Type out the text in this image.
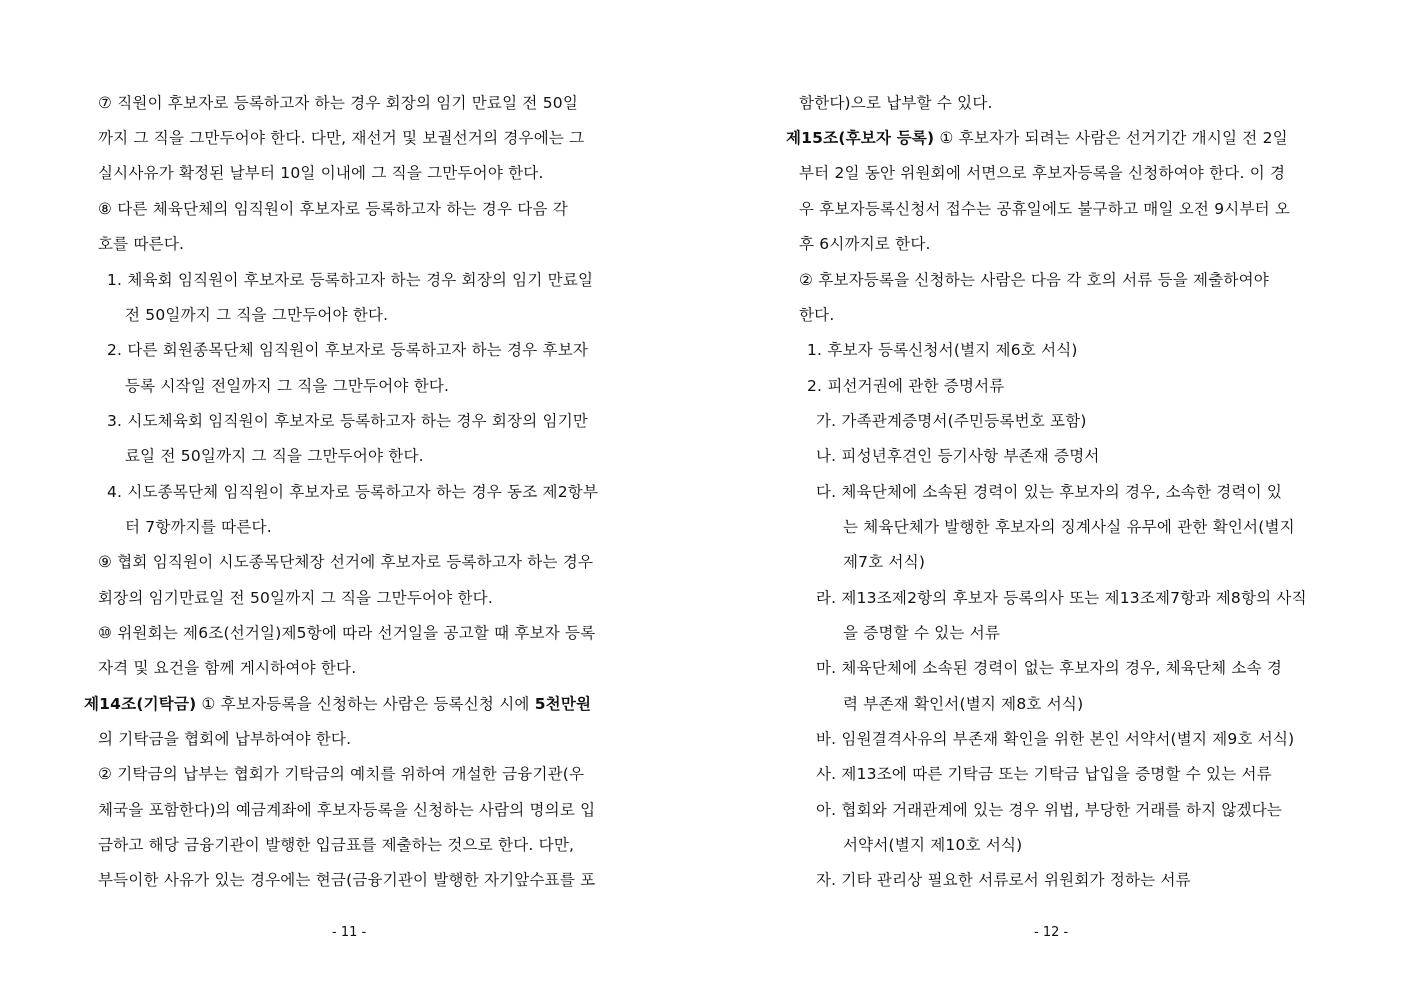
⑦ 직원이 후보자로 등록하고자 하는 경우 회장의 임기 만료일 전 50일
까지 그 직을 그만두어야 한다. 다만, 재선거 및 보궐선거의 경우에는 그
실시사유가 확정된 날부터 10일 이내에 그 직을 그만두어야 한다.
⑧ 다른 체육단체의 임직원이 후보자로 등록하고자 하는 경우 다음 각
호를 따른다.
1. 체육회 임직원이 후보자로 등록하고자 하는 경우 회장의 임기 만료일
전 50일까지 그 직을 그만두어야 한다.
2. 다른 회원종목단체 임직원이 후보자로 등록하고자 하는 경우 후보자
등록 시작일 전일까지 그 직을 그만두어야 한다.
3. 시도체육회 임직원이 후보자로 등록하고자 하는 경우 회장의 임기만
료일 전 50일까지 그 직을 그만두어야 한다.
4. 시도종목단체 임직원이 후보자로 등록하고자 하는 경우 동조 제2항부
터 7항까지를 따른다.
⑨ 협회 임직원이 시도종목단체장 선거에 후보자로 등록하고자 하는 경우
회장의 임기만료일 전 50일까지 그 직을 그만두어야 한다.
⑩ 위원회는 제6조(선거일)제5항에 따라 선거일을 공고할 때 후보자 등록
자격 및 요건을 함께 게시하여야 한다.
제14조(기탁금) ① 후보자등록을 신청하는 사람은 등록신청 시에 5천만원
의 기탁금을 협회에 납부하여야 한다.
② 기탁금의 납부는 협회가 기탁금의 예치를 위하여 개설한 금융기관(우
체국을 포함한다)의 예금계좌에 후보자등록을 신청하는 사람의 명의로 입
금하고 해당 금융기관이 발행한 입금표를 제출하는 것으로 한다. 다만,
부득이한 사유가 있는 경우에는 현금(금융기관이 발행한 자기앞수표를 포
- 11 -
함한다)으로 납부할 수 있다.
제15조(후보자 등록) ① 후보자가 되려는 사람은 선거기간 개시일 전 2일
부터 2일 동안 위원회에 서면으로 후보자등록을 신청하여야 한다. 이 경
우 후보자등록신청서 접수는 공휴일에도 불구하고 매일 오전 9시부터 오
후 6시까지로 한다.
② 후보자등록을 신청하는 사람은 다음 각 호의 서류 등을 제출하여야
한다.
1. 후보자 등록신청서(별지 제6호 서식)
2. 피선거권에 관한 증명서류
가. 가족관계증명서(주민등록번호 포함)
나. 피성년후견인 등기사항 부존재 증명서
다. 체육단체에 소속된 경력이 있는 후보자의 경우, 소속한 경력이 있
는 체육단체가 발행한 후보자의 징계사실 유무에 관한 확인서(별지
제7호 서식)
라. 제13조제2항의 후보자 등록의사 또는 제13조제7항과 제8항의 사직
을 증명할 수 있는 서류
마. 체육단체에 소속된 경력이 없는 후보자의 경우, 체육단체 소속 경
력 부존재 확인서(별지 제8호 서식)
바. 임원결격사유의 부존재 확인을 위한 본인 서약서(별지 제9호 서식)
사. 제13조에 따른 기탁금 또는 기탁금 납입을 증명할 수 있는 서류
아. 협회와 거래관계에 있는 경우 위법, 부당한 거래를 하지 않겠다는
서약서(별지 제10호 서식)
자. 기타 관리상 필요한 서류로서 위원회가 정하는 서류
- 12 -
